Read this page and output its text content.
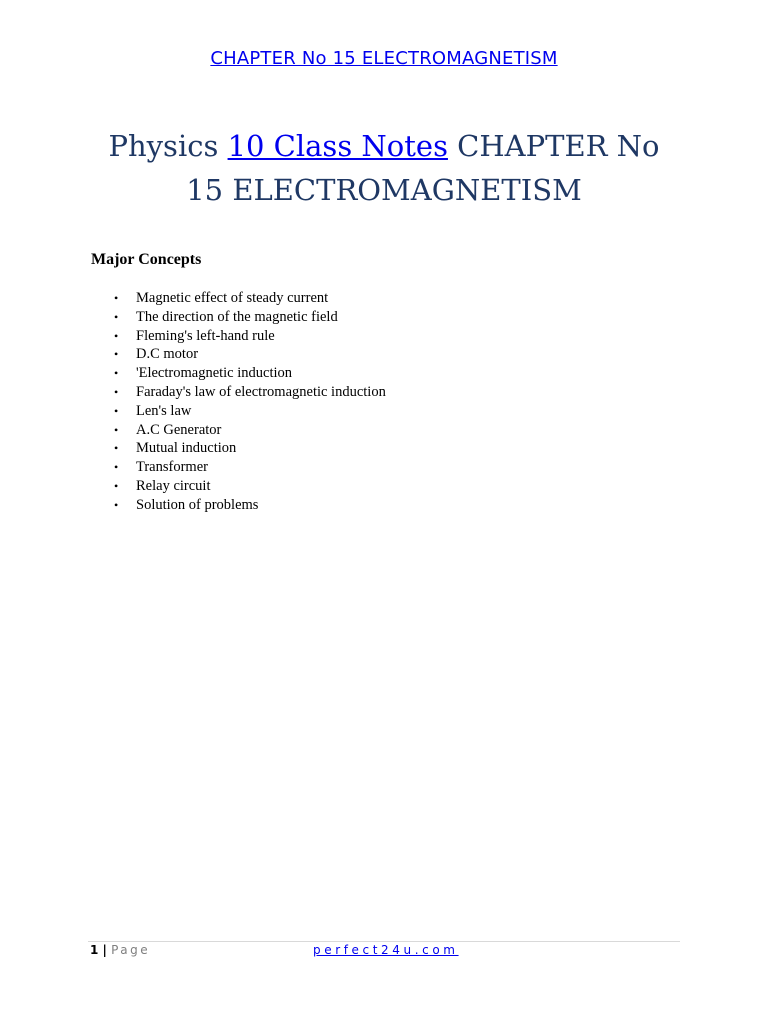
CHAPTER No 15 ELECTROMAGNETISM
Physics 10 Class Notes CHAPTER No
15 ELECTROMAGNETISM
Major Concepts
• Magnetic effect of steady current
• The direction of the magnetic field
• Fleming's left-hand rule
• D.C motor
• 'Electromagnetic induction
• Faraday's law of electromagnetic induction
• Len's law
• A.C Generator
• Mutual induction
• Transformer
• Relay circuit
• Solution of problems
1 | Page	perfect24u.com
